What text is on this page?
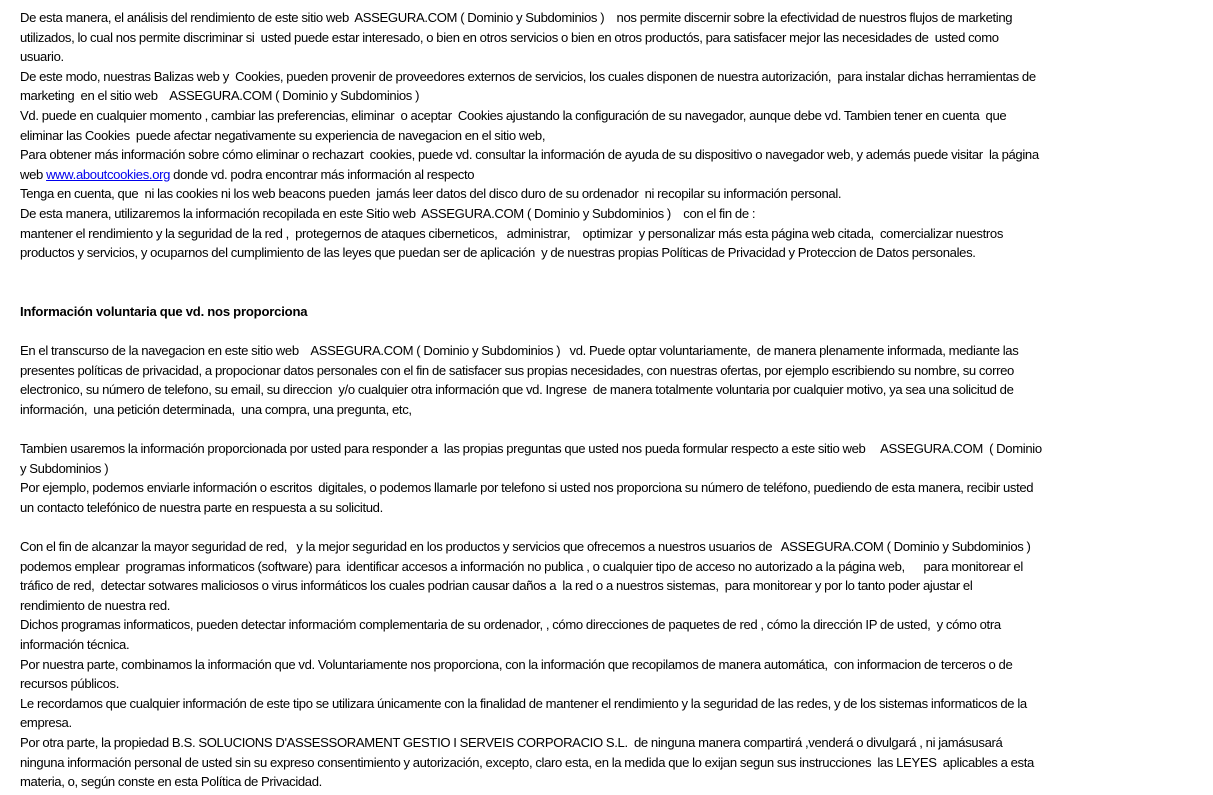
De esta manera, el análisis del rendimiento de este sitio web  ASSEGURA.COM ( Dominio y Subdominios )    nos permite discernir sobre la efectividad de nuestros flujos de marketing
utilizados, lo cual nos permite discriminar si  usted puede estar interesado, o bien en otros servicios o bien en otros productós, para satisfacer mejor las necesidades de  usted como
usuario.
De este modo, nuestras Balizas web y  Cookies, pueden provenir de proveedores externos de servicios, los cuales disponen de nuestra autorización,  para instalar dichas herramientas de
marketing  en el sitio web    ASSEGURA.COM ( Dominio y Subdominios )
Vd. puede en cualquier momento , cambiar las preferencias, eliminar  o aceptar  Cookies ajustando la configuración de su navegador, aunque debe vd. Tambien tener en cuenta  que
eliminar las Cookies  puede afectar negativamente su experiencia de navegacion en el sitio web,
Para obtener más información sobre cómo eliminar o rechazart  cookies, puede vd. consultar la información de ayuda de su dispositivo o navegador web, y además puede visitar  la página
web www.aboutcookies.org donde vd. podra encontrar más información al respecto
Tenga en cuenta, que  ni las cookies ni los web beacons pueden  jamás leer datos del disco duro de su ordenador  ni recopilar su información personal.
De esta manera, utilizaremos la información recopilada en este Sitio web  ASSEGURA.COM ( Dominio y Subdominios )    con el fin de :
mantener el rendimiento y la seguridad de la red ,  protegernos de ataques ciberneticos,   administrar,    optimizar  y personalizar más esta página web citada,  comercializar nuestros
productos y servicios, y ocuparnos del cumplimiento de las leyes que puedan ser de aplicación  y de nuestras propias Políticas de Privacidad y Proteccion de Datos personales.
Información voluntaria que vd. nos proporciona
En el transcurso de la navegacion en este sitio web    ASSEGURA.COM ( Dominio y Subdominios )   vd. Puede optar voluntariamente,  de manera plenamente informada, mediante las
presentes políticas de privacidad, a propocionar datos personales con el fin de satisfacer sus propias necesidades, con nuestras ofertas, por ejemplo escribiendo su nombre, su correo
electronico, su número de telefono, su email, su direccion  y/o cualquier otra información que vd. Ingrese  de manera totalmente voluntaria por cualquier motivo, ya sea una solicitud de
información,  una petición determinada,  una compra, una pregunta, etc,
Tambien usaremos la información proporcionada por usted para responder a  las propias preguntas que usted nos pueda formular respecto a este sitio web     ASSEGURA.COM  ( Dominio
y Subdominios )
Por ejemplo, podemos enviarle información o escritos  digitales, o podemos llamarle por telefono si usted nos proporciona su número de teléfono, puediendo de esta manera, recibir usted
un contacto telefónico de nuestra parte en respuesta a su solicitud.
Con el fin de alcanzar la mayor seguridad de red,   y la mejor seguridad en los productos y servicios que ofrecemos a nuestros usuarios de   ASSEGURA.COM ( Dominio y Subdominios )
podemos emplear  programas informaticos (software) para  identificar accesos a información no publica , o cualquier tipo de acceso no autorizado a la página web,      para monitorear el
tráfico de red,  detectar sotwares maliciosos o virus informáticos los cuales podrian causar daños a  la red o a nuestros sistemas,  para monitorear y por lo tanto poder ajustar el
rendimiento de nuestra red.
Dichos programas informaticos, pueden detectar informacióm complementaria de su ordenador, , cómo direcciones de paquetes de red , cómo la dirección IP de usted,  y cómo otra
información técnica.
Por nuestra parte, combinamos la información que vd. Voluntariamente nos proporciona, con la información que recopilamos de manera automática,  con informacion de terceros o de
recursos públicos.
Le recordamos que cualquier información de este tipo se utilizara únicamente con la finalidad de mantener el rendimiento y la seguridad de las redes, y de los sistemas informaticos de la
empresa.
Por otra parte, la propiedad B.S. SOLUCIONS D'ASSESSORAMENT GESTIO I SERVEIS CORPORACIO S.L.  de ninguna manera compartirá ,venderá o divulgará , ni jamásusará
ninguna información personal de usted sin su expreso consentimiento y autorización, excepto, claro esta, en la medida que lo exijan segun sus instrucciones  las LEYES  aplicables a esta
materia, o, según conste en esta Política de Privacidad.
